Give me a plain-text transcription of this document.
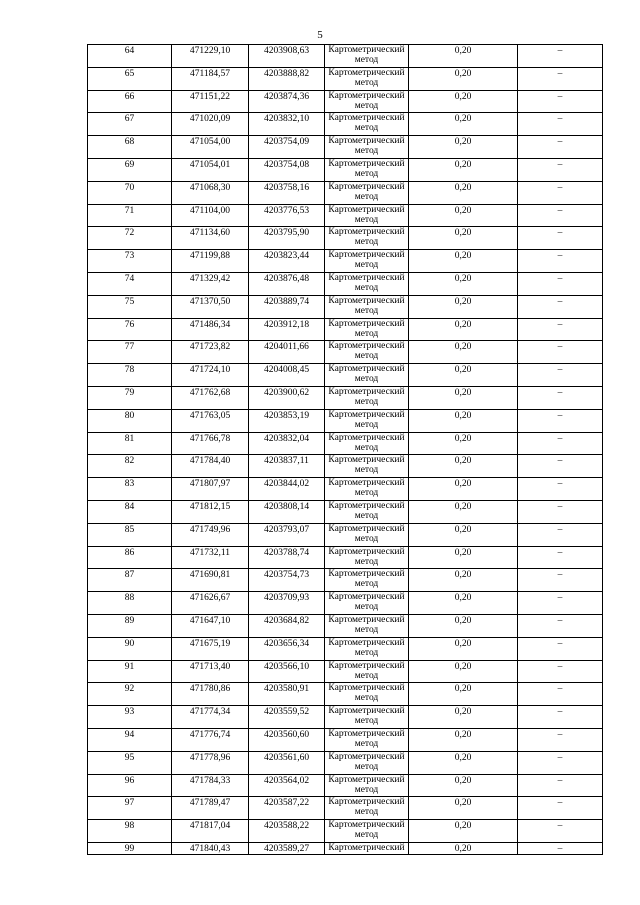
5
64	471229,10	4203908,63	Картометрический метод	0,20	–

65	471184,57	4203888,82	Картометрический метод	0,20	–

66	471151,22	4203874,36	Картометрический метод	0,20	–

67	471020,09	4203832,10	Картометрический метод	0,20	–

68	471054,00	4203754,09	Картометрический метод	0,20	–

69	471054,01	4203754,08	Картометрический метод	0,20	–

70	471068,30	4203758,16	Картометрический метод	0,20	–

71	471104,00	4203776,53	Картометрический метод	0,20	–

72	471134,60	4203795,90	Картометрический метод	0,20	–

73	471199,88	4203823,44	Картометрический метод	0,20	–

74	471329,42	4203876,48	Картометрический метод	0,20	–

75	471370,50	4203889,74	Картометрический метод	0,20	–

76	471486,34	4203912,18	Картометрический метод	0,20	–

77	471723,82	4204011,66	Картометрический метод	0,20	–

78	471724,10	4204008,45	Картометрический метод	0,20	–

79	471762,68	4203900,62	Картометрический метод	0,20	–

80	471763,05	4203853,19	Картометрический метод	0,20	–

81	471766,78	4203832,04	Картометрический метод	0,20	–

82	471784,40	4203837,11	Картометрический метод	0,20	–

83	471807,97	4203844,02	Картометрический метод	0,20	–

84	471812,15	4203808,14	Картометрический метод	0,20	–

85	471749,96	4203793,07	Картометрический метод	0,20	–

86	471732,11	4203788,74	Картометрический метод	0,20	–

87	471690,81	4203754,73	Картометрический метод	0,20	–

88	471626,67	4203709,93	Картометрический метод	0,20	–

89	471647,10	4203684,82	Картометрический метод	0,20	–

90	471675,19	4203656,34	Картометрический метод	0,20	–

91	471713,40	4203566,10	Картометрический метод	0,20	–

92	471780,86	4203580,91	Картометрический метод	0,20	–

93	471774,34	4203559,52	Картометрический метод	0,20	–

94	471776,74	4203560,60	Картометрический метод	0,20	–

95	471778,96	4203561,60	Картометрический метод	0,20	–

96	471784,33	4203564,02	Картометрический метод	0,20	–

97	471789,47	4203587,22	Картометрический метод	0,20	–

98	471817,04	4203588,22	Картометрический метод	0,20	–

99	471840,43	4203589,27	Картометрический	0,20	–
